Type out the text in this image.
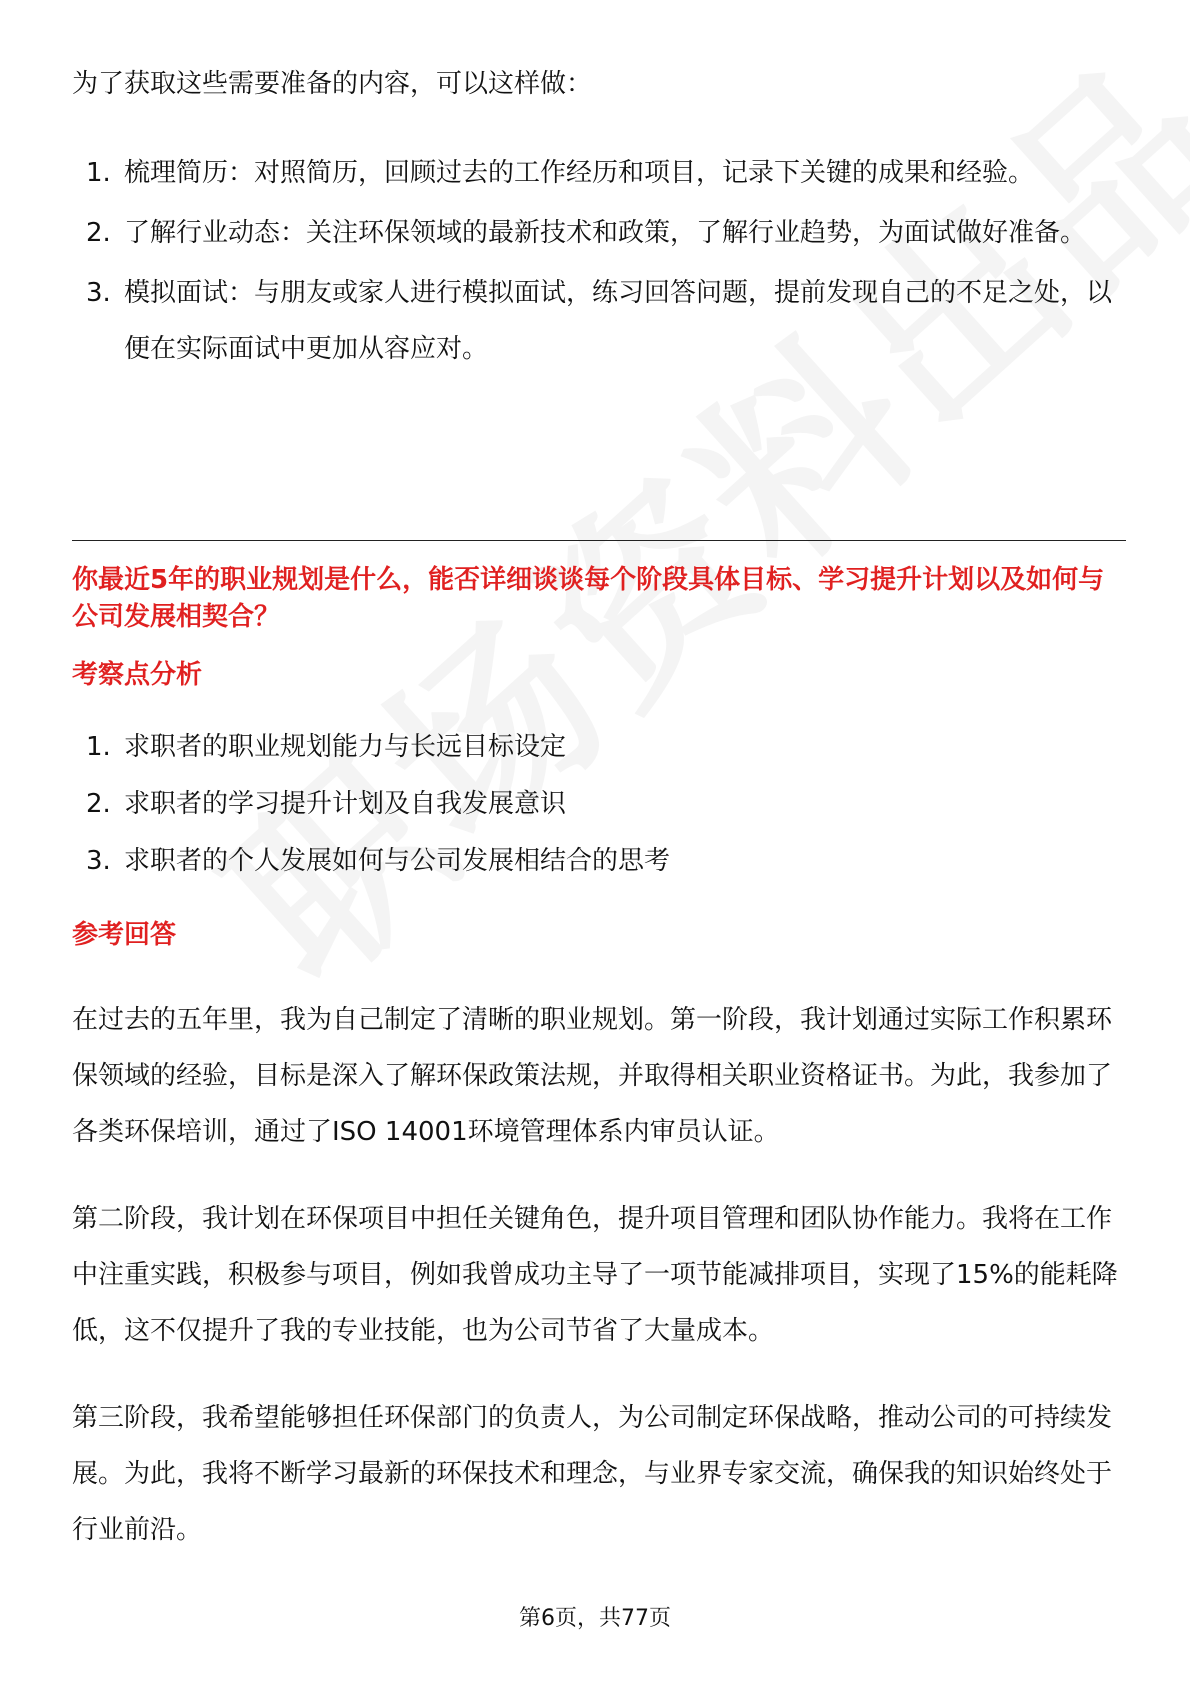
为了获取这些需要准备的内容，可以这样做：

1. 梳理简历：对照简历，回顾过去的工作经历和项目，记录下关键的成果和经验。
2. 了解行业动态：关注环保领域的最新技术和政策，了解行业趋势，为面试做好准备。
3. 模拟面试：与朋友或家人进行模拟面试，练习回答问题，提前发现自己的不足之处，以便在实际面试中更加从容应对。
你最近5年的职业规划是什么，能否详细谈谈每个阶段具体目标、学习提升计划以及如何与公司发展相契合？
考察点分析
1. 求职者的职业规划能力与长远目标设定
2. 求职者的学习提升计划及自我发展意识
3. 求职者的个人发展如何与公司发展相结合的思考
参考回答

在过去的五年里，我为自己制定了清晰的职业规划。第一阶段，我计划通过实际工作积累环保领域的经验，目标是深入了解环保政策法规，并取得相关职业资格证书。为此，我参加了各类环保培训，通过了ISO 14001环境管理体系内审员认证。

第二阶段，我计划在环保项目中担任关键角色，提升项目管理和团队协作能力。我将在工作中注重实践，积极参与项目，例如我曾成功主导了一项节能减排项目，实现了15%的能耗降低，这不仅提升了我的专业技能，也为公司节省了大量成本。

第三阶段，我希望能够担任环保部门的负责人，为公司制定环保战略，推动公司的可持续发展。为此，我将不断学习最新的环保技术和理念，与业界专家交流，确保我的知识始终处于行业前沿。

第6页，共77页
